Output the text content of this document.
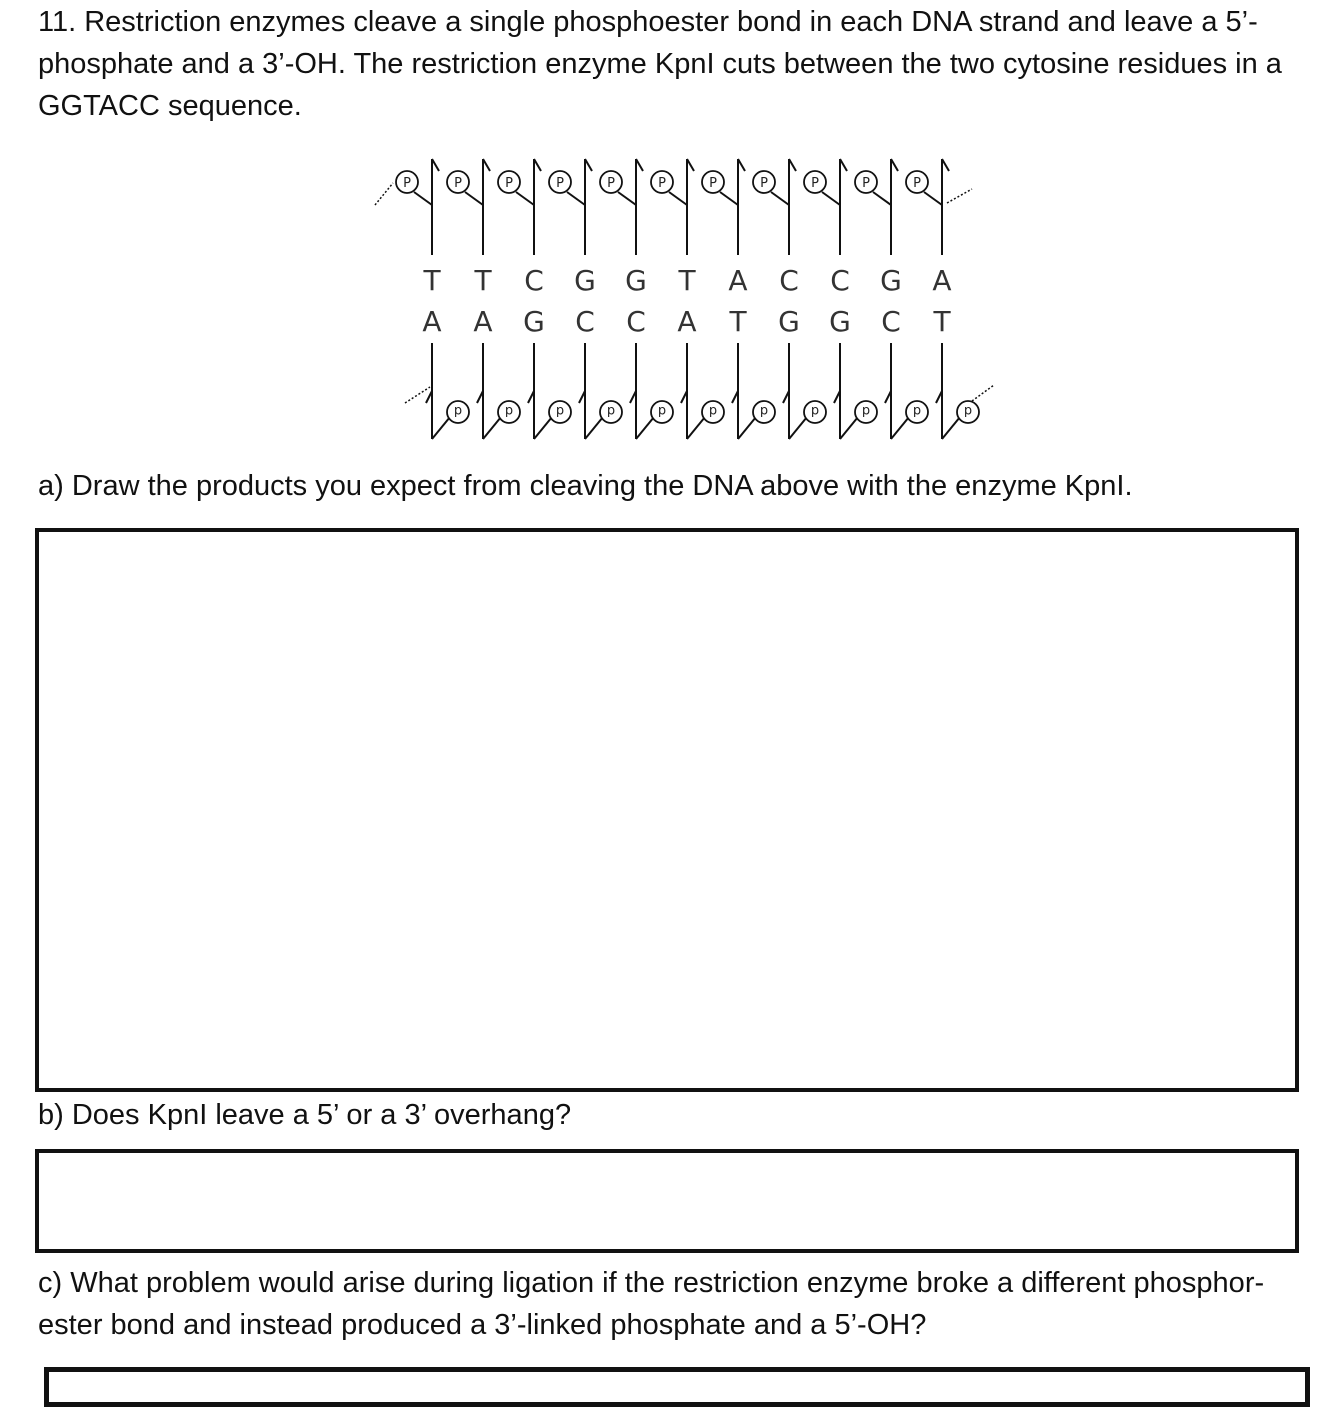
11. Restriction enzymes cleave a single phosphoester bond in each DNA strand and leave a 5’-phosphate and a 3’-OH. The restriction enzyme KpnI cuts between the two cytosine residues in a GGTACC sequence.

P	P	P	P	P	P	P	P	P	P	P
T T C G G T A C C G A
A A G C C A T G G C T
d	d	d	d	d	d	d	d	d	d	d

a) Draw the products you expect from cleaving the DNA above with the enzyme KpnI.

b) Does KpnI leave a 5’ or a 3’ overhang?

c) What problem would arise during ligation if the restriction enzyme broke a different phosphor-ester bond and instead produced a 3’-linked phosphate and a 5’-OH?
